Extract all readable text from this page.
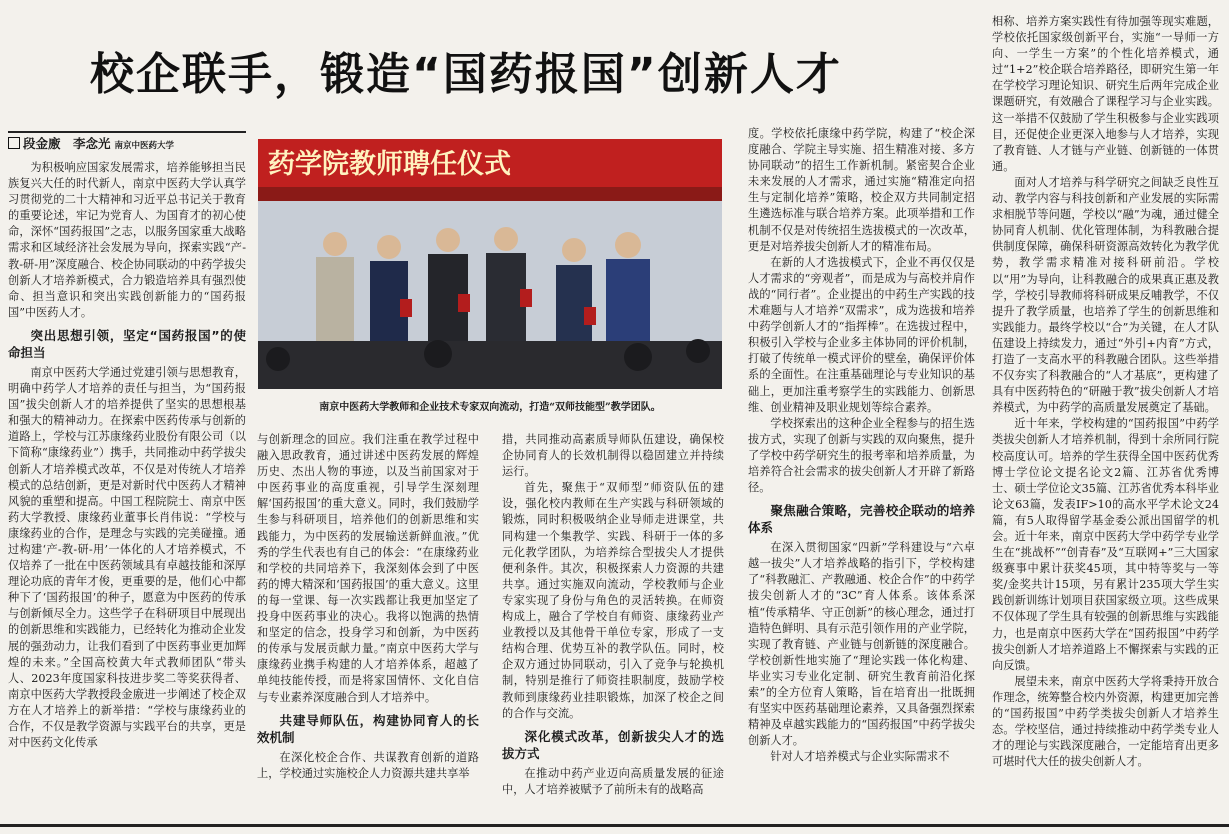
校企联手，锻造“国药报国”创新人才
段金廒　李念光 南京中医药大学

为积极响应国家发展需求，培养能够担当民族复兴大任的时代新人，南京中医药大学认真学习贯彻党的二十大精神和习近平总书记关于教育的重要论述，牢记为党育人、为国育才的初心使命，深怀“国药报国”之志，以服务国家重大战略需求和区域经济社会发展为导向，探索实践“产-教-研-用”深度融合、校企协同联动的中药学拔尖创新人才培养新模式，合力锻造培养具有强烈使命、担当意识和突出实践创新能力的“国药报国”中医药人才。

突出思想引领，坚定“国药报国”的使命担当

南京中医药大学通过党建引领与思想教育，明确中药学人才培养的责任与担当，为“国药报国”拔尖创新人才的培养提供了坚实的思想根基和强大的精神动力。在探索中医药传承与创新的道路上，学校与江苏康缘药业股份有限公司（以下简称“康缘药业”）携手，共同推动中药学拔尖创新人才培养模式改革，不仅是对传统人才培养模式的总结创新，更是对新时代中医药人才精神风貌的重塑和提高。中国工程院院士、南京中医药大学教授、康缘药业董事长肖伟说：“学校与康缘药业的合作，是理念与实践的完美碰撞。通过构建‘产-教-研-用’一体化的人才培养模式，不仅培养了一批在中医药领域具有卓越技能和深厚理论功底的青年才俊，更重要的是，他们心中都种下了‘国药报国’的种子，愿意为中医药的传承与创新倾尽全力。这些学子在科研项目中展现出的创新思维和实践能力，已经转化为推动企业发展的强劲动力，让我们看到了中医药事业更加辉煌的未来。”全国高校黄大年式教师团队“带头人、2023年度国家科技进步奖二等奖获得者、南京中医药大学教授段金廒进一步阐述了校企双方在人才培养上的新举措：“学校与康缘药业的合作，不仅是教学资源与实践平台的共享，更是对中医药文化传承

药学院教师聘任仪式
南京中医药大学教师和企业技术专家双向流动，打造“双师技能型”教学团队。

与创新理念的回应。我们注重在教学过程中融入思政教育，通过讲述中医药发展的辉煌历史、杰出人物的事迹，以及当前国家对于中医药事业的高度重视，引导学生深刻理解‘国药报国’的重大意义。同时，我们鼓励学生参与科研项目，培养他们的创新思维和实践能力，为中医药的发展输送新鲜血液。”优秀的学生代表也有自己的体会：“在康缘药业和学校的共同培养下，我深刻体会到了中医药的博大精深和‘国药报国’的重大意义。这里的每一堂课、每一次实践都让我更加坚定了投身中医药事业的决心。我将以饱满的热情和坚定的信念，投身学习和创新，为中医药的传承与发展贡献力量。”南京中医药大学与康缘药业携手构建的人才培养体系，超越了单纯技能传授，而是将家国情怀、文化自信与专业素养深度融合到人才培养中。

共建导师队伍，构建协同育人的长效机制

在深化校企合作、共谋教育创新的道路上，学校通过实施校企人力资源共建共享举

措，共同推动高素质导师队伍建设，确保校企协同育人的长效机制得以稳固建立并持续运行。

首先，聚焦于“双师型”师资队伍的建设，强化校内教师在生产实践与科研领域的锻炼，同时积极吸纳企业导师走进课堂，共同构建一个集教学、实践、科研于一体的多元化教学团队，为培养综合型拔尖人才提供便利条件。其次，积极探索人力资源的共建共享。通过实施双向流动，学校教师与企业专家实现了身份与角色的灵活转换。在师资构成上，融合了学校自有师资、康缘药业产业教授以及其他骨干单位专家，形成了一支结构合理、优势互补的教学队伍。同时，校企双方通过协同联动，引入了竞争与轮换机制，特别是推行了师资挂职制度，鼓励学校教师到康缘药业挂职锻炼，加深了校企之间的合作与交流。

深化模式改革，创新拔尖人才的选拔方式

在推动中药产业迈向高质量发展的征途中，人才培养被赋予了前所未有的战略高

度。学校依托康缘中药学院，构建了“校企深度融合、学院主导实施、招生精准对接、多方协同联动”的招生工作新机制。紧密契合企业未来发展的人才需求，通过实施“精准定向招生与定制化培养”策略，校企双方共同制定招生遴选标准与联合培养方案。此项举措和工作机制不仅是对传统招生选拔模式的一次改革，更是对培养拔尖创新人才的精准布局。

在新的人才选拔模式下，企业不再仅仅是人才需求的“旁观者”，而是成为与高校并肩作战的“同行者”。企业提出的中药生产实践的技术难题与人才培养“双需求”，成为选拔和培养中药学创新人才的“指挥棒”。在选拔过程中，积极引入学校与企业多主体协同的评价机制，打破了传统单一模式评价的壁垒，确保评价体系的全面性。在注重基础理论与专业知识的基础上，更加注重考察学生的实践能力、创新思维、创业精神及职业规划等综合素养。

学校探索出的这种企业全程参与的招生选拔方式，实现了创新与实践的双向聚焦，提升了学校中药学研究生的报考率和培养质量，为培养符合社会需求的拔尖创新人才开辟了新路径。

聚焦融合策略，完善校企联动的培养体系

在深入贯彻国家“四新”学科建设与“六卓越一拔尖”人才培养战略的指引下，学校构建了“科教融汇、产教融通、校企合作”的中药学拔尖创新人才的“3C”育人体系。该体系深植“传承精华、守正创新”的核心理念，通过打造特色鲜明、具有示范引领作用的产业学院，实现了教育链、产业链与创新链的深度融合。学校创新性地实施了“理论实践一体化构建、毕业实习专业化定制、研究生教育前沿化探索”的全方位育人策略，旨在培育出一批既拥有坚实中医药基础理论素养，又具备强烈探索精神及卓越实践能力的“国药报国”中药学拔尖创新人才。

针对人才培养模式与企业实际需求不

相称、培养方案实践性有待加强等现实难题，学校依托国家级创新平台，实施“一导师一方向、一学生一方案”的个性化培养模式，通过“1+2”校企联合培养路径，即研究生第一年在学校学习理论知识、研究生后两年完成企业课题研究，有效融合了课程学习与企业实践。这一举措不仅鼓励了学生积极参与企业实践项目，还促使企业更深入地参与人才培养，实现了教育链、人才链与产业链、创新链的一体贯通。

面对人才培养与科学研究之间缺乏良性互动、教学内容与科技创新和产业发展的实际需求相脱节等问题，学校以“融”为魂，通过健全协同育人机制、优化管理体制，为科教融合提供制度保障，确保科研资源高效转化为教学优势，教学需求精准对接科研前沿。学校以“用”为导向，让科教融合的成果真正惠及教学，学校引导教师将科研成果反哺教学，不仅提升了教学质量，也培养了学生的创新思维和实践能力。最终学校以“合”为关键，在人才队伍建设上持续发力，通过“外引+内育”方式，打造了一支高水平的科教融合团队。这些举措不仅夯实了科教融合的“人才基底”，更构建了具有中医药特色的“研融于教”拔尖创新人才培养模式，为中药学的高质量发展奠定了基础。

近十年来，学校构建的“国药报国”中药学类拔尖创新人才培养机制，得到十余所同行院校高度认可。培养的学生获得全国中医药优秀博士学位论文提名论文2篇、江苏省优秀博士、硕士学位论文35篇、江苏省优秀本科毕业论文63篇，发表IF>10的高水平学术论文24篇，有5人取得留学基金委公派出国留学的机会。近十年来，南京中医药大学中药学专业学生在“挑战杯”“创青春”及“互联网+”三大国家级赛事中累计获奖45项，其中特等奖与一等奖/金奖共计15项，另有累计235项大学生实践创新训练计划项目获国家级立项。这些成果不仅体现了学生具有较强的创新思维与实践能力，也是南京中医药大学在“国药报国”中药学拔尖创新人才培养道路上不懈探索与实践的正向反馈。

展望未来，南京中医药大学将秉持开放合作理念，统筹整合校内外资源，构建更加完善的“国药报国”中药学类拔尖创新人才培养生态。学校坚信，通过持续推动中药学类专业人才的理论与实践深度融合，一定能培育出更多可堪时代大任的拔尖创新人才。
